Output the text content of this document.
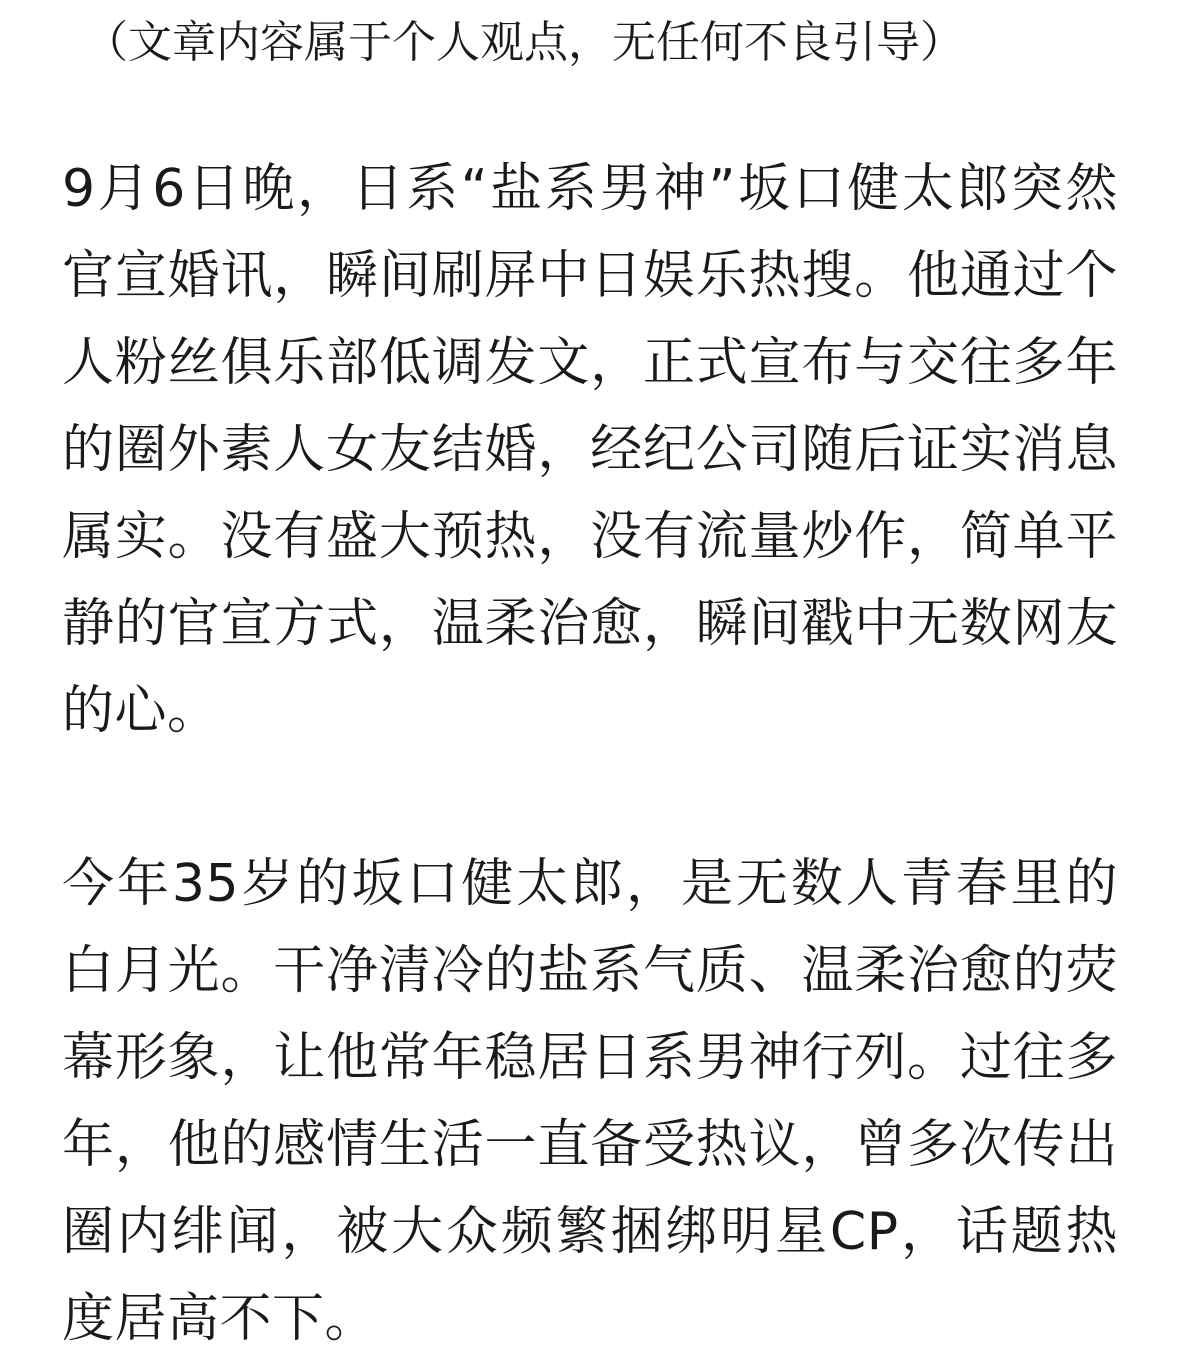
（文章内容属于个人观点，无任何不良引导）

9月6日晚，日系“盐系男神”坂口健太郎突然官宣婚讯，瞬间刷屏中日娱乐热搜。他通过个人粉丝俱乐部低调发文，正式宣布与交往多年的圈外素人女友结婚，经纪公司随后证实消息属实。没有盛大预热，没有流量炒作，简单平静的官宣方式，温柔治愈，瞬间戳中无数网友的心。

今年35岁的坂口健太郎，是无数人青春里的白月光。干净清冷的盐系气质、温柔治愈的荧幕形象，让他常年稳居日系男神行列。过往多年，他的感情生活一直备受热议，曾多次传出圈内绯闻，被大众频繁捆绑明星CP，话题热度居高不下。
